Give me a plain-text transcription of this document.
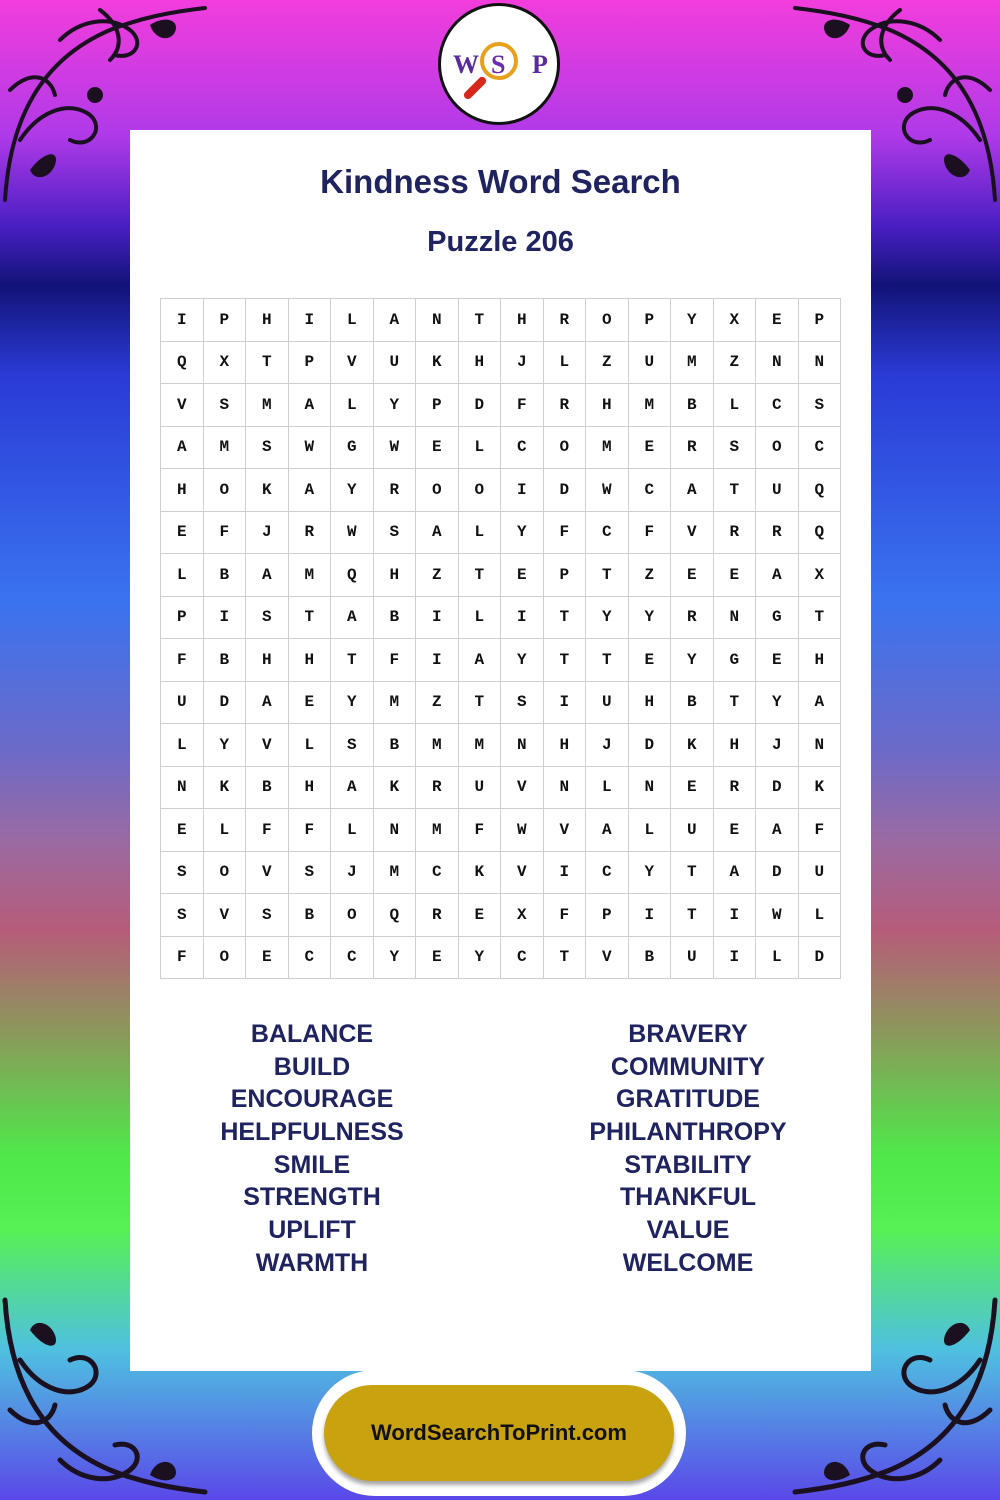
Kindness Word Search
Puzzle 206
I	P	H	I	L	A	N	T	H	R	O	P	Y	X	E	P
Q	X	T	P	V	U	K	H	J	L	Z	U	M	Z	N	N
V	S	M	A	L	Y	P	D	F	R	H	M	B	L	C	S
A	M	S	W	G	W	E	L	C	O	M	E	R	S	O	C
H	O	K	A	Y	R	O	O	I	D	W	C	A	T	U	Q
E	F	J	R	W	S	A	L	Y	F	C	F	V	R	R	Q
L	B	A	M	Q	H	Z	T	E	P	T	Z	E	E	A	X
P	I	S	T	A	B	I	L	I	T	Y	Y	R	N	G	T
F	B	H	H	T	F	I	A	Y	T	T	E	Y	G	E	H
U	D	A	E	Y	M	Z	T	S	I	U	H	B	T	Y	A
L	Y	V	L	S	B	M	M	N	H	J	D	K	H	J	N
N	K	B	H	A	K	R	U	V	N	L	N	E	R	D	K
E	L	F	F	L	N	M	F	W	V	A	L	U	E	A	F
S	O	V	S	J	M	C	K	V	I	C	Y	T	A	D	U
S	V	S	B	O	Q	R	E	X	F	P	I	T	I	W	L
F	O	E	C	C	Y	E	Y	C	T	V	B	U	I	L	D
BALANCE
BUILD
ENCOURAGE
HELPFULNESS
SMILE
STRENGTH
UPLIFT
WARMTH
BRAVERY
COMMUNITY
GRATITUDE
PHILANTHROPY
STABILITY
THANKFUL
VALUE
WELCOME
W S P
WordSearchToPrint.com
